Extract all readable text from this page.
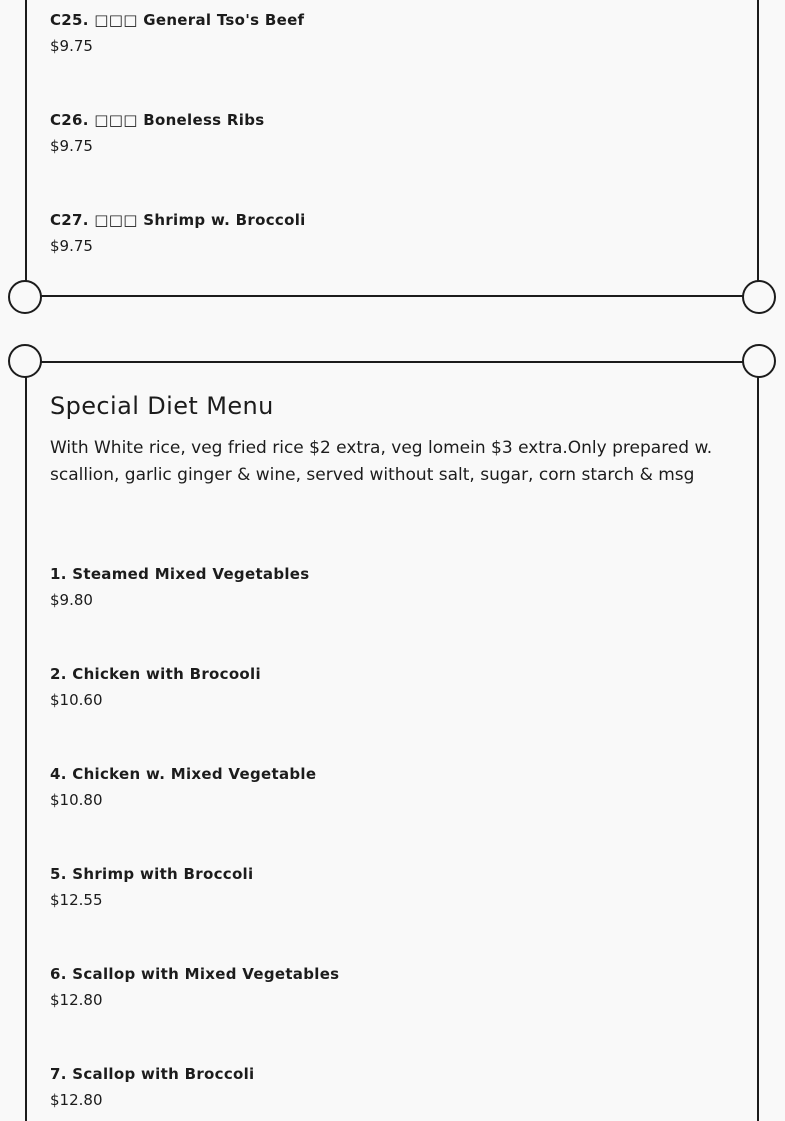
C25. □□□ General Tso's Beef
$9.75
C26. □□□ Boneless Ribs
$9.75
C27. □□□ Shrimp w. Broccoli
$9.75
Special Diet Menu

With White rice, veg fried rice $2 extra, veg lomein $3 extra.Only prepared w. scallion, garlic ginger & wine, served without salt, sugar, corn starch & msg

1. Steamed Mixed Vegetables
$9.80
2. Chicken with Brocooli
$10.60
4. Chicken w. Mixed Vegetable
$10.80
5. Shrimp with Broccoli
$12.55
6. Scallop with Mixed Vegetables
$12.80
7. Scallop with Broccoli
$12.80
